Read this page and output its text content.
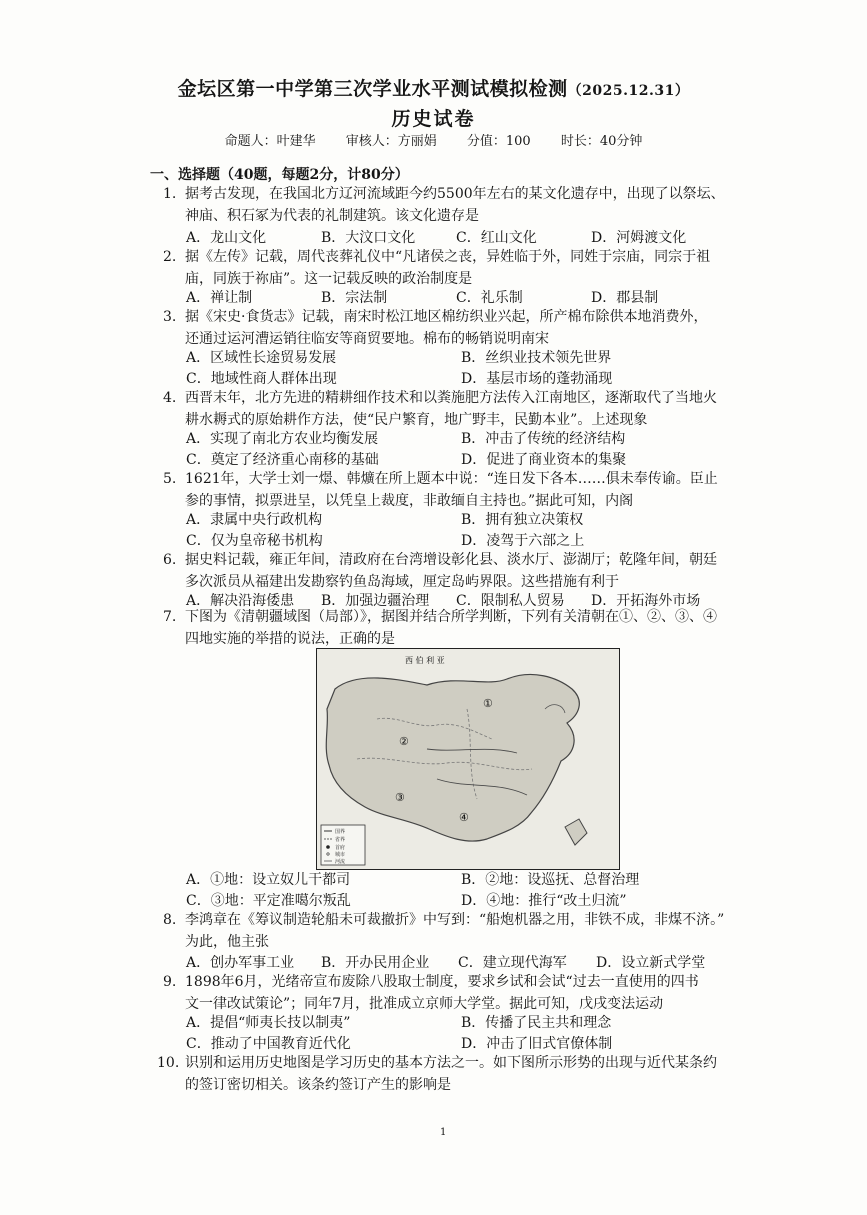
金坛区第一中学第三次学业水平测试模拟检测（2025.12.31）
历史试卷
命题人：叶建华 审核人：方丽娟 分值：100 时长：40分钟
一、选择题（40题，每题2分，计80分）
1. 据考古发现，在我国北方辽河流域距今约5500年左右的某文化遗存中，出现了以祭坛、
神庙、积石冢为代表的礼制建筑。该文化遗存是
A．龙山文化	B．大汶口文化	C．红山文化	D．河姆渡文化
2. 据《左传》记载，周代丧葬礼仪中“凡诸侯之丧，异姓临于外，同姓于宗庙，同宗于祖
庙，同族于祢庙”。这一记载反映的政治制度是
A．禅让制	B．宗法制	C．礼乐制	D．郡县制
3. 据《宋史·食货志》记载，南宋时松江地区棉纺织业兴起，所产棉布除供本地消费外，
还通过运河漕运销往临安等商贸要地。棉布的畅销说明南宋
A．区域性长途贸易发展	B．丝织业技术领先世界
C．地域性商人群体出现	D．基层市场的蓬勃涌现
4. 西晋末年，北方先进的精耕细作技术和以粪施肥方法传入江南地区，逐渐取代了当地火
耕水耨式的原始耕作方法，使“民户繁育，地广野丰，民勤本业”。上述现象
A．实现了南北方农业均衡发展	B．冲击了传统的经济结构
C．奠定了经济重心南移的基础	D．促进了商业资本的集聚
5. 1621年，大学士刘一燝、韩爌在所上题本中说：“连日发下各本……俱未奉传谕。臣止
参的事情，拟票进呈，以凭皇上裁度，非敢缅自主持也。”据此可知，内阁
A．隶属中央行政机构	B．拥有独立决策权
C．仅为皇帝秘书机构	D．凌驾于六部之上
6. 据史料记载，雍正年间，清政府在台湾增设彰化县、淡水厅、澎湖厅；乾隆年间，朝廷
多次派员从福建出发勘察钓鱼岛海域，厘定岛屿界限。这些措施有利于
A．解决沿海倭患 B．加强边疆治理 C．限制私人贸易 D．开拓海外市场
7. 下图为《清朝疆域图（局部）》，据图并结合所学判断，下列有关清朝在①、②、③、④
四地实施的举措的说法，正确的是
西 伯 利 亚
①
②
③
④
国界
省界
首府
城市
河流
A．①地：设立奴儿干都司	B．②地：设巡抚、总督治理
C．③地：平定准噶尔叛乱	D．④地：推行“改土归流”
8. 李鸿章在《筹议制造轮船未可裁撤折》中写到：“船炮机器之用，非铁不成，非煤不济。”
为此，他主张
A．创办军事工业 B．开办民用企业 C．建立现代海军 D．设立新式学堂
9. 1898年6月，光绪帝宣布废除八股取士制度，要求乡试和会试“过去一直使用的四书
文一律改试策论”；同年7月，批准成立京师大学堂。据此可知，戊戌变法运动
A．提倡“师夷长技以制夷”	B．传播了民主共和理念
C．推动了中国教育近代化	D．冲击了旧式官僚体制
10. 识别和运用历史地图是学习历史的基本方法之一。如下图所示形势的出现与近代某条约
的签订密切相关。该条约签订产生的影响是
1
